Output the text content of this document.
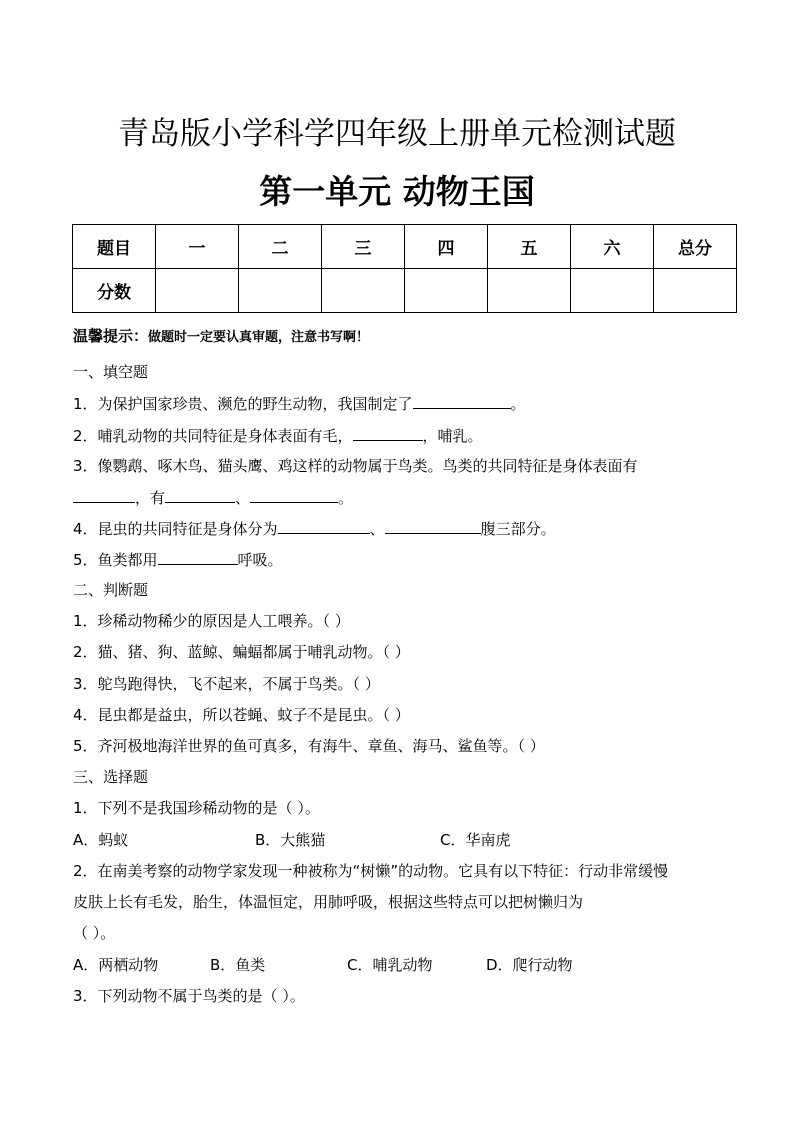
青岛版小学科学四年级上册单元检测试题
第一单元 动物王国
题目	一	二	三	四	五	六	总分
分数							
温馨提示：做题时一定要认真审题，注意书写啊！
一、填空题
1．为保护国家珍贵、濒危的野生动物，我国制定了	。
2．哺乳动物的共同特征是身体表面有毛，	，哺乳。
3．像鹦鹉、啄木鸟、猫头鹰、鸡这样的动物属于鸟类。鸟类的共同特征是身体表面有
，有	、	。
4．昆虫的共同特征是身体分为	、	腹三部分。
5．鱼类都用	呼吸。
二、判断题
1．珍稀动物稀少的原因是人工喂养。（ ）
2．猫、猪、狗、蓝鲸、蝙蝠都属于哺乳动物。（ ）
3．鸵鸟跑得快，飞不起来，不属于鸟类。（ ）
4．昆虫都是益虫，所以苍蝇、蚊子不是昆虫。（ ）
5．齐河极地海洋世界的鱼可真多，有海牛、章鱼、海马、鲨鱼等。（ ）
三、选择题
1．下列不是我国珍稀动物的是（ ）。
A．蚂蚁	B．大熊猫	C．华南虎
2．在南美考察的动物学家发现一种被称为“树懒”的动物。它具有以下特征：行动非常缓慢
皮肤上长有毛发，胎生，体温恒定，用肺呼吸，根据这些特点可以把树懒归为
（ ）。
A．两栖动物	B．鱼类	C．哺乳动物	D．爬行动物
3．下列动物不属于鸟类的是（ ）。
